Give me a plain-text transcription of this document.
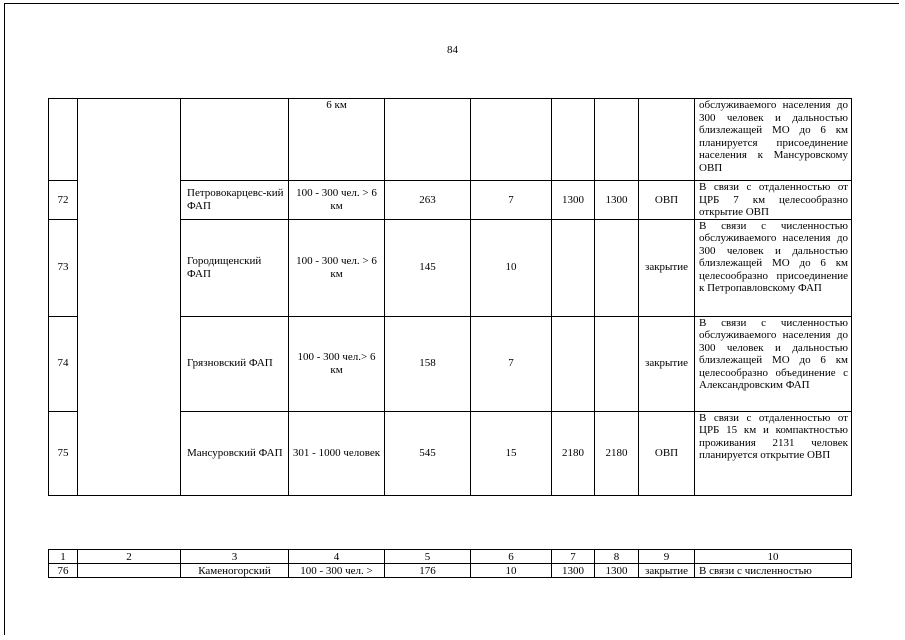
84
			6 км						обслуживаемого населения до 300 человек и дальностью близлежащей МО до 6 км планируется присоединение населения к Мансуровскому ОВП
72		Петровокарцевс-кий ФАП	100 - 300 чел. > 6 км	263	7	1300	1300	ОВП	В связи с отдаленностью от ЦРБ 7 км целесообразно открытие ОВП
73		Городищенский ФАП	100 - 300 чел. > 6 км	145	10			закрытие	В связи с численностью обслуживаемого населения до 300 человек и дальностью близлежащей МО до 6 км целесообразно присоединение к Петропавловскому ФАП
74		Грязновский ФАП	100 - 300 чел.> 6 км	158	7			закрытие	В связи с численностью обслуживаемого населения до 300 человек и дальностью близлежащей МО до 6 км целесообразно объединение с Александровским ФАП
75		Мансуровский ФАП	301 - 1000 человек	545	15	2180	2180	ОВП	В связи с отдаленностью от ЦРБ 15 км и компактностью проживания 2131 человек планируется открытие ОВП
1	2	3	4	5	6	7	8	9	10
76		Каменогорский	100 - 300 чел. >	176	10	1300	1300	закрытие	В связи с численностью
